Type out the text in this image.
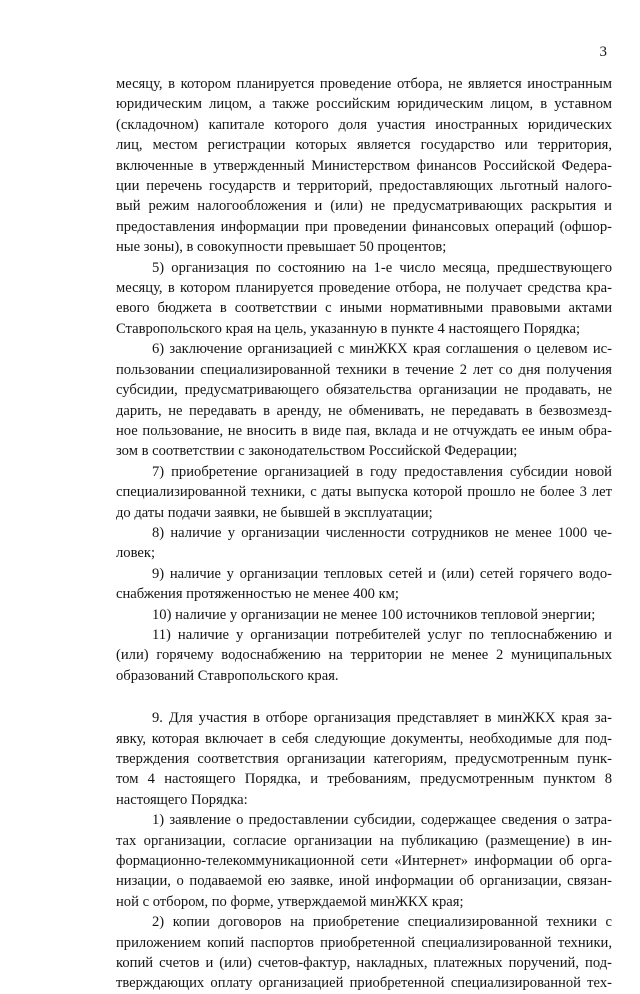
3
месяцу, в котором планируется проведение отбора, не является иностранным
юридическим лицом, а также российским юридическим лицом, в уставном
(складочном) капитале которого доля участия иностранных юридических
лиц, местом регистрации которых является государство или территория,
включенные в утвержденный Министерством финансов Российской Федера-
ции перечень государств и территорий, предоставляющих льготный налого-
вый режим налогообложения и (или) не предусматривающих раскрытия и
предоставления информации при проведении финансовых операций (офшор-
ные зоны), в совокупности превышает 50 процентов;
5) организация по состоянию на 1-е число месяца, предшествующего
месяцу, в котором планируется проведение отбора, не получает средства кра-
евого бюджета в соответствии с иными нормативными правовыми актами
Ставропольского края на цель, указанную в пункте 4 настоящего Порядка;
6) заключение организацией с минЖКХ края соглашения о целевом ис-
пользовании специализированной техники в течение 2 лет со дня получения
субсидии, предусматривающего обязательства организации не продавать, не
дарить, не передавать в аренду, не обменивать, не передавать в безвозмезд-
ное пользование, не вносить в виде пая, вклада и не отчуждать ее иным обра-
зом в соответствии с законодательством Российской Федерации;
7) приобретение организацией в году предоставления субсидии новой
специализированной техники, с даты выпуска которой прошло не более 3 лет
до даты подачи заявки, не бывшей в эксплуатации;
8) наличие у организации численности сотрудников не менее 1000 че-
ловек;
9) наличие у организации тепловых сетей и (или) сетей горячего водо-
снабжения протяженностью не менее 400 км;
10) наличие у организации не менее 100 источников тепловой энергии;
11) наличие у организации потребителей услуг по теплоснабжению и
(или) горячему водоснабжению на территории не менее 2 муниципальных
образований Ставропольского края.
9. Для участия в отборе организация представляет в минЖКХ края за-
явку, которая включает в себя следующие документы, необходимые для под-
тверждения соответствия организации категориям, предусмотренным пунк-
том 4 настоящего Порядка, и требованиям, предусмотренным пунктом 8
настоящего Порядка:
1) заявление о предоставлении субсидии, содержащее сведения о затра-
тах организации, согласие организации на публикацию (размещение) в ин-
формационно-телекоммуникационной сети «Интернет» информации об орга-
низации, о подаваемой ею заявке, иной информации об организации, связан-
ной с отбором, по форме, утверждаемой минЖКХ края;
2) копии договоров на приобретение специализированной техники с
приложением копий паспортов приобретенной специализированной техники,
копий счетов и (или) счетов-фактур, накладных, платежных поручений, под-
тверждающих оплату организацией приобретенной специализированной тех-
